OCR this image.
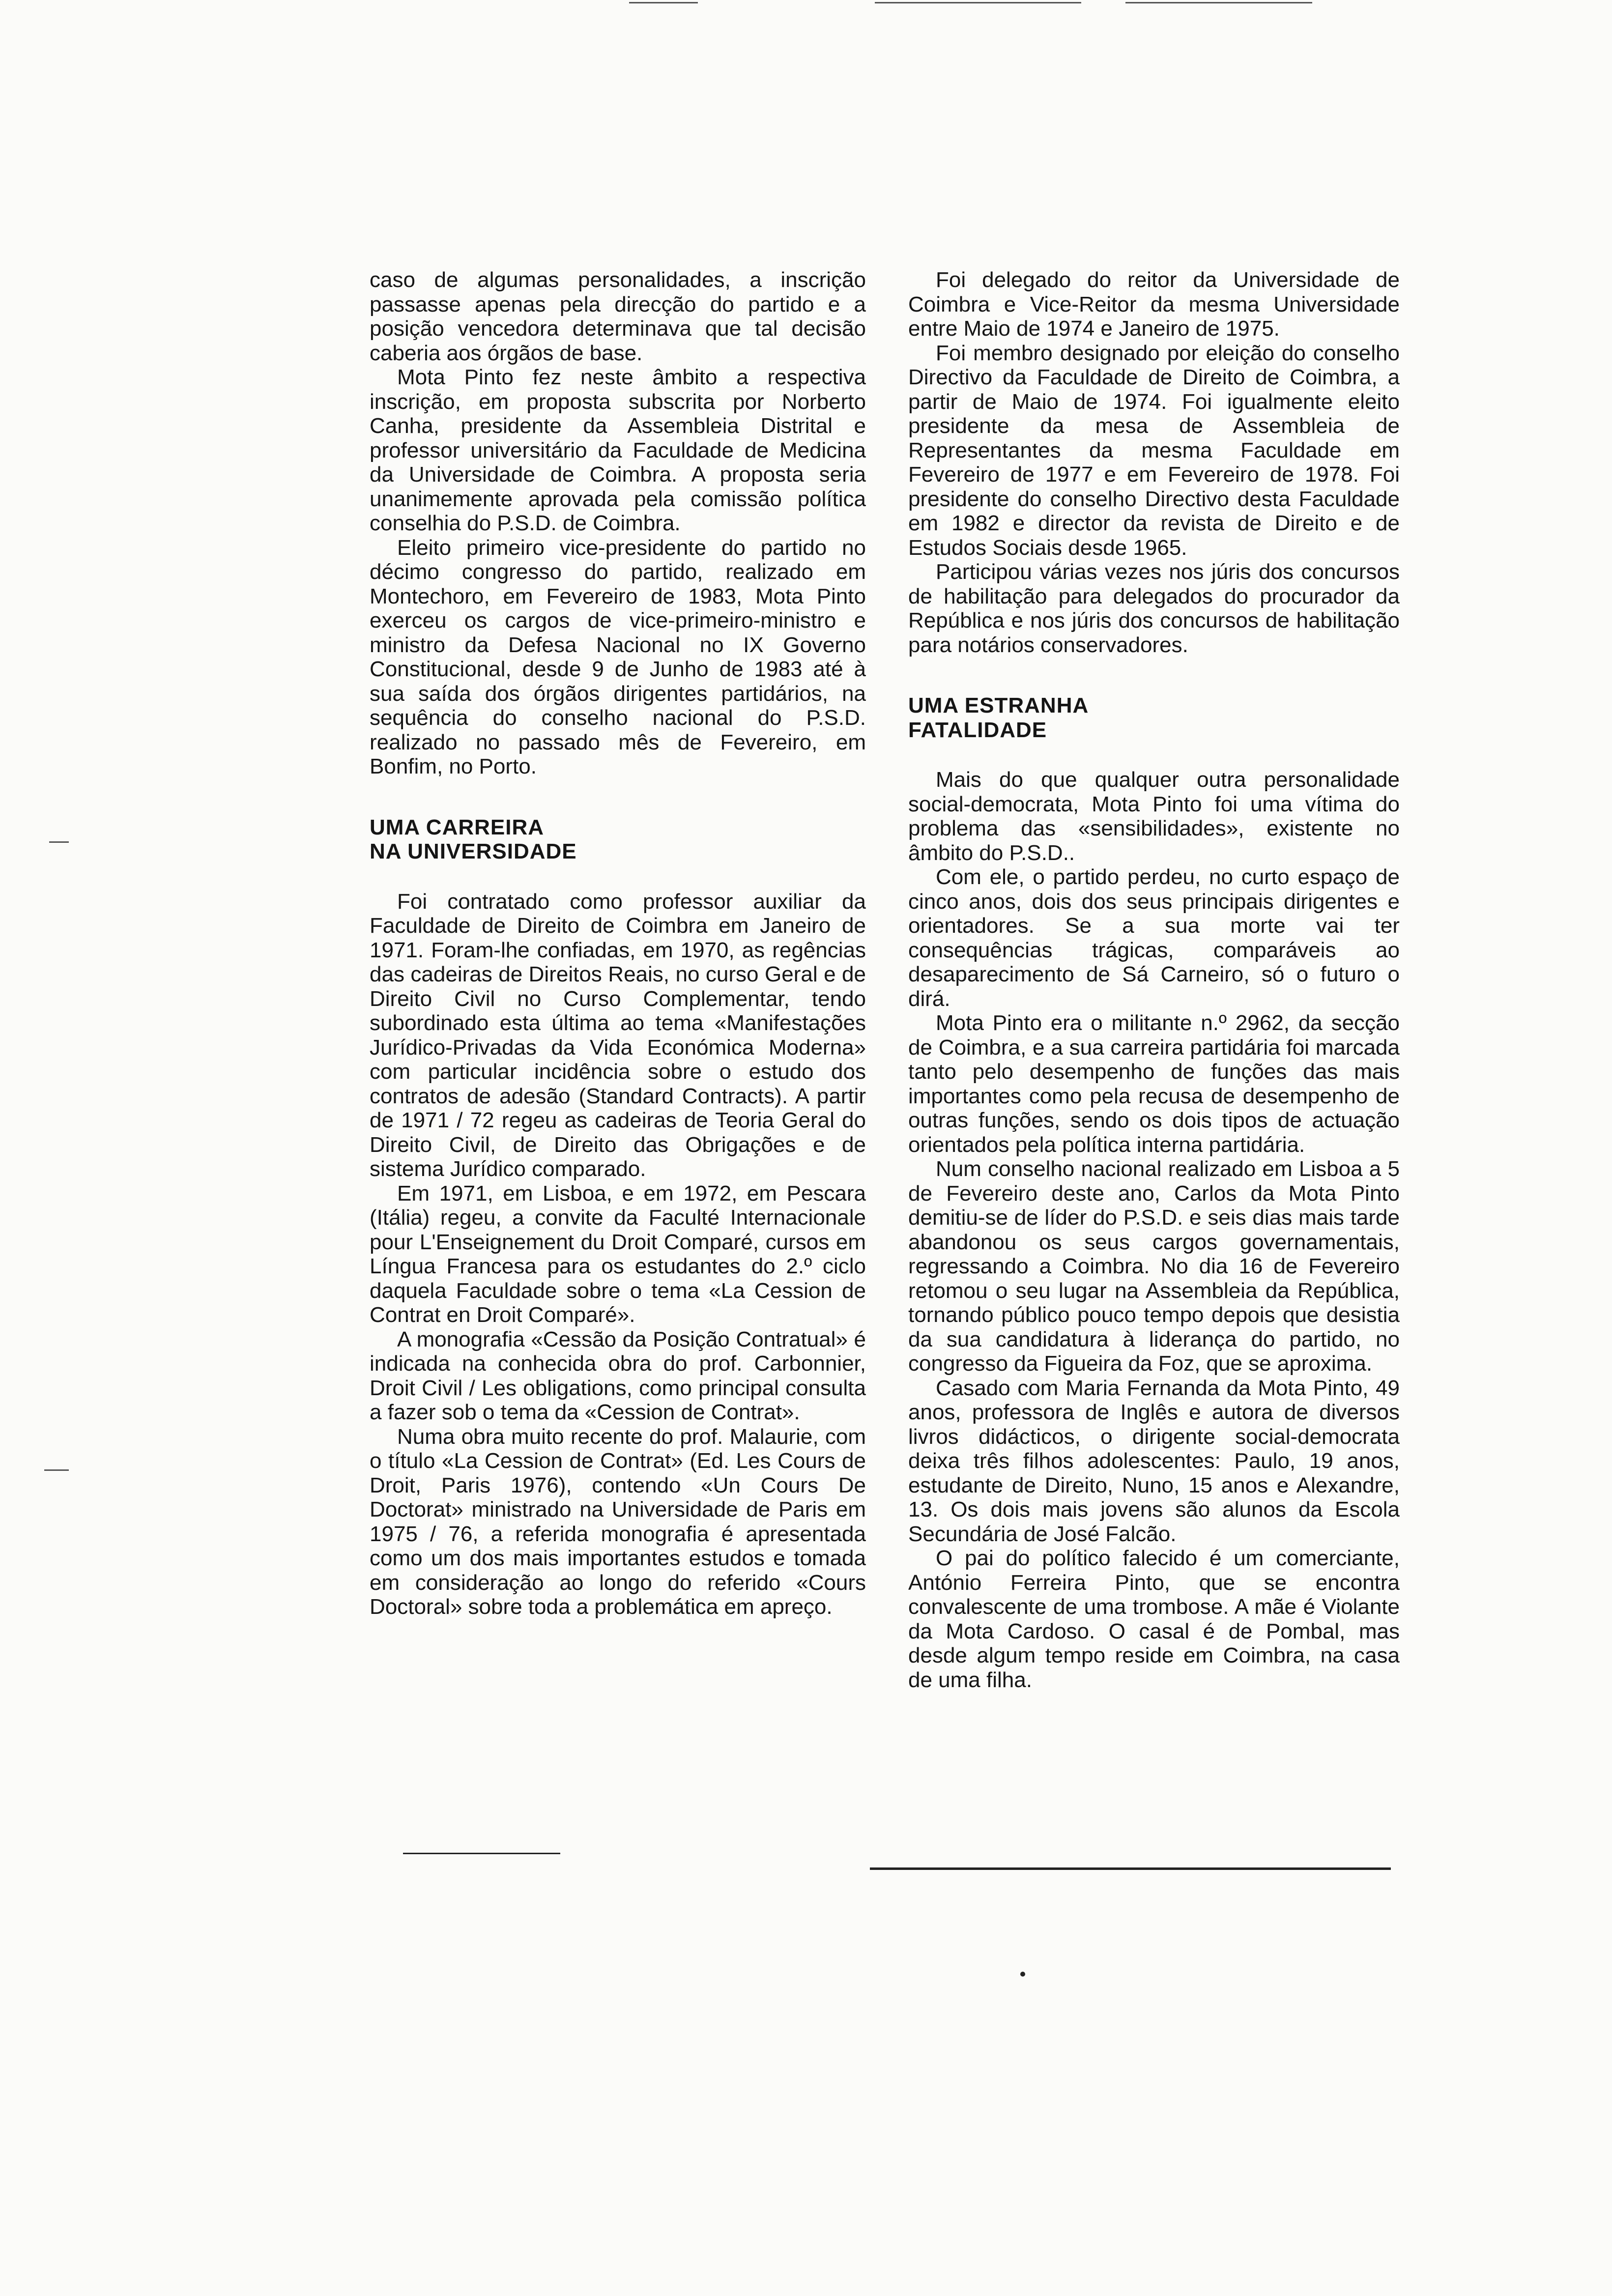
caso de algumas personalidades, a inscrição passasse apenas pela direcção do partido e a posição vencedora determinava que tal decisão caberia aos órgãos de base.

Mota Pinto fez neste âmbito a respectiva inscrição, em proposta subscrita por Norberto Canha, presidente da Assembleia Distrital e professor universitário da Faculdade de Medicina da Universidade de Coimbra. A proposta seria unanimemente aprovada pela comissão política conselhia do P.S.D. de Coimbra.

Eleito primeiro vice-presidente do partido no décimo congresso do partido, realizado em Montechoro, em Fevereiro de 1983, Mota Pinto exerceu os cargos de vice-primeiro-ministro e ministro da Defesa Nacional no IX Governo Constitucional, desde 9 de Junho de 1983 até à sua saída dos órgãos dirigentes partidários, na sequência do conselho nacional do P.S.D. realizado no passado mês de Fevereiro, em Bonfim, no Porto.

UMA CARREIRA
NA UNIVERSIDADE

Foi contratado como professor auxiliar da Faculdade de Direito de Coimbra em Janeiro de 1971. Foram-lhe confiadas, em 1970, as regências das cadeiras de Direitos Reais, no curso Geral e de Direito Civil no Curso Complementar, tendo subordinado esta última ao tema «Manifestações Jurídico-Privadas da Vida Económica Moderna» com particular incidência sobre o estudo dos contratos de adesão (Standard Contracts). A partir de 1971 / 72 regeu as cadeiras de Teoria Geral do Direito Civil, de Direito das Obrigações e de sistema Jurídico comparado.

Em 1971, em Lisboa, e em 1972, em Pescara (Itália) regeu, a convite da Faculté Internacionale pour L'Enseignement du Droit Comparé, cursos em Língua Francesa para os estudantes do 2.º ciclo daquela Faculdade sobre o tema «La Cession de Contrat en Droit Comparé».

A monografia «Cessão da Posição Contratual» é indicada na conhecida obra do prof. Carbonnier, Droit Civil / Les obligations, como principal consulta a fazer sob o tema da «Cession de Contrat».

Numa obra muito recente do prof. Malaurie, com o título «La Cession de Contrat» (Ed. Les Cours de Droit, Paris 1976), contendo «Un Cours De Doctorat» ministrado na Universidade de Paris em 1975 / 76, a referida monografia é apresentada como um dos mais importantes estudos e tomada em consideração ao longo do referido «Cours Doctoral» sobre toda a problemática em apreço.

Foi delegado do reitor da Universidade de Coimbra e Vice-Reitor da mesma Universidade entre Maio de 1974 e Janeiro de 1975.

Foi membro designado por eleição do conselho Directivo da Faculdade de Direito de Coimbra, a partir de Maio de 1974. Foi igualmente eleito presidente da mesa de Assembleia de Representantes da mesma Faculdade em Fevereiro de 1977 e em Fevereiro de 1978. Foi presidente do conselho Directivo desta Faculdade em 1982 e director da revista de Direito e de Estudos Sociais desde 1965.

Participou várias vezes nos júris dos concursos de habilitação para delegados do procurador da República e nos júris dos concursos de habilitação para notários conservadores.

UMA ESTRANHA
FATALIDADE

Mais do que qualquer outra personalidade social-democrata, Mota Pinto foi uma vítima do problema das «sensibilidades», existente no âmbito do P.S.D..

Com ele, o partido perdeu, no curto espaço de cinco anos, dois dos seus principais dirigentes e orientadores. Se a sua morte vai ter consequências trágicas, comparáveis ao desaparecimento de Sá Carneiro, só o futuro o dirá.

Mota Pinto era o militante n.º 2962, da secção de Coimbra, e a sua carreira partidária foi marcada tanto pelo desempenho de funções das mais importantes como pela recusa de desempenho de outras funções, sendo os dois tipos de actuação orientados pela política interna partidária.

Num conselho nacional realizado em Lisboa a 5 de Fevereiro deste ano, Carlos da Mota Pinto demitiu-se de líder do P.S.D. e seis dias mais tarde abandonou os seus cargos governamentais, regressando a Coimbra. No dia 16 de Fevereiro retomou o seu lugar na Assembleia da República, tornando público pouco tempo depois que desistia da sua candidatura à liderança do partido, no congresso da Figueira da Foz, que se aproxima.

Casado com Maria Fernanda da Mota Pinto, 49 anos, professora de Inglês e autora de diversos livros didácticos, o dirigente social-democrata deixa três filhos adolescentes: Paulo, 19 anos, estudante de Direito, Nuno, 15 anos e Alexandre, 13. Os dois mais jovens são alunos da Escola Secundária de José Falcão.

O pai do político falecido é um comerciante, António Ferreira Pinto, que se encontra convalescente de uma trombose. A mãe é Violante da Mota Cardoso. O casal é de Pombal, mas desde algum tempo reside em Coimbra, na casa de uma filha.
